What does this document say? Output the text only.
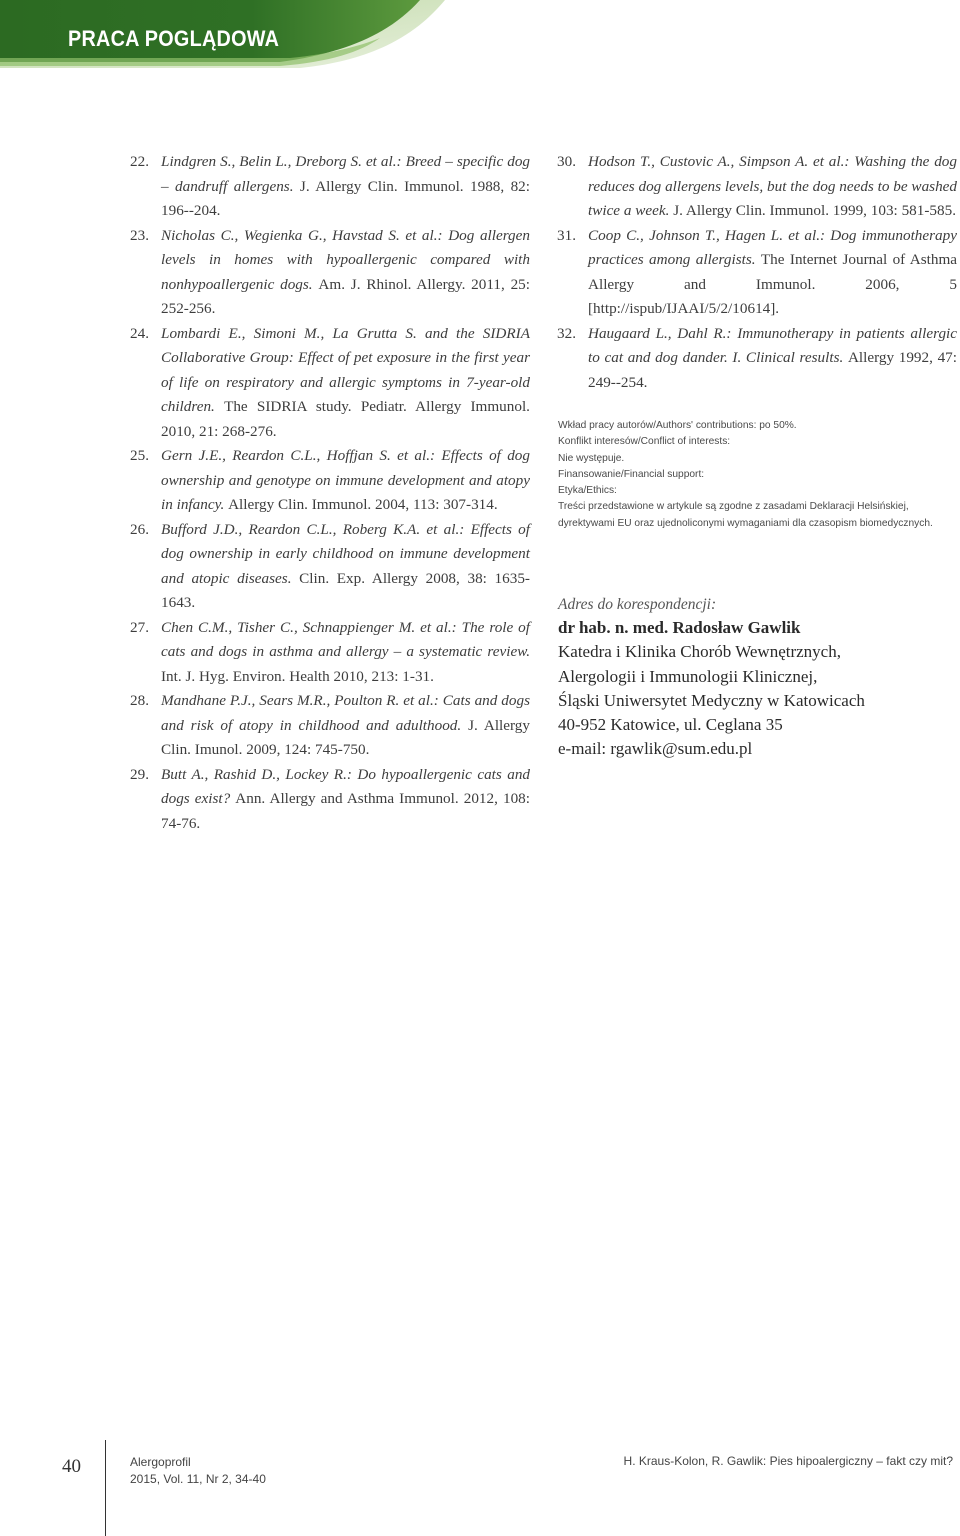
PRACA POGLĄDOWA
22. Lindgren S., Belin L., Dreborg S. et al.: Breed – specific dog – dandruff allergens. J. Allergy Clin. Immunol. 1988, 82: 196--204.
23. Nicholas C., Wegienka G., Havstad S. et al.: Dog allergen levels in homes with hypoallergenic compared with nonhypoallergenic dogs. Am. J. Rhinol. Allergy. 2011, 25: 252-256.
24. Lombardi E., Simoni M., La Grutta S. and the SIDRIA Collaborative Group: Effect of pet exposure in the first year of life on respiratory and allergic symptoms in 7-year-old children. The SIDRIA study. Pediatr. Allergy Immunol. 2010, 21: 268-276.
25. Gern J.E., Reardon C.L., Hoffjan S. et al.: Effects of dog ownership and genotype on immune development and atopy in infancy. Allergy Clin. Immunol. 2004, 113: 307-314.
26. Bufford J.D., Reardon C.L., Roberg K.A. et al.: Effects of dog ownership in early childhood on immune development and atopic diseases. Clin. Exp. Allergy 2008, 38: 1635-1643.
27. Chen C.M., Tisher C., Schnappienger M. et al.: The role of cats and dogs in asthma and allergy – a systematic review. Int. J. Hyg. Environ. Health 2010, 213: 1-31.
28. Mandhane P.J., Sears M.R., Poulton R. et al.: Cats and dogs and risk of atopy in childhood and adulthood. J. Allergy Clin. Imunol. 2009, 124: 745-750.
29. Butt A., Rashid D., Lockey R.: Do hypoallergenic cats and dogs exist? Ann. Allergy and Asthma Immunol. 2012, 108: 74-76.
30. Hodson T., Custovic A., Simpson A. et al.: Washing the dog reduces dog allergens levels, but the dog needs to be washed twice a week. J. Allergy Clin. Immunol. 1999, 103: 581-585.
31. Coop C., Johnson T., Hagen L. et al.: Dog immunotherapy practices among allergists. The Internet Journal of Asthma Allergy and Immunol. 2006, 5 [http://ispub/IJAAI/5/2/10614].
32. Haugaard L., Dahl R.: Immunotherapy in patients allergic to cat and dog dander. I. Clinical results. Allergy 1992, 47: 249--254.
Wkład pracy autorów/Authors' contributions: po 50%.
Konflikt interesów/Conflict of interests:
Nie występuje.
Finansowanie/Financial support:
Etyka/Ethics:
Treści przedstawione w artykule są zgodne z zasadami Deklaracji Helsińskiej, dyrektywami EU oraz ujednoliconymi wymaganiami dla czasopism biomedycznych.
Adres do korespondencji:
dr hab. n. med. Radosław Gawlik
Katedra i Klinika Chorób Wewnętrznych,
Alergologii i Immunologii Klinicznej,
Śląski Uniwersytet Medyczny w Katowicach
40-952 Katowice, ul. Ceglana 35
e-mail: rgawlik@sum.edu.pl
40	Alergoprofil
2015, Vol. 11, Nr 2, 34-40
H. Kraus-Kolon, R. Gawlik: Pies hipoalergiczny – fakt czy mit?
